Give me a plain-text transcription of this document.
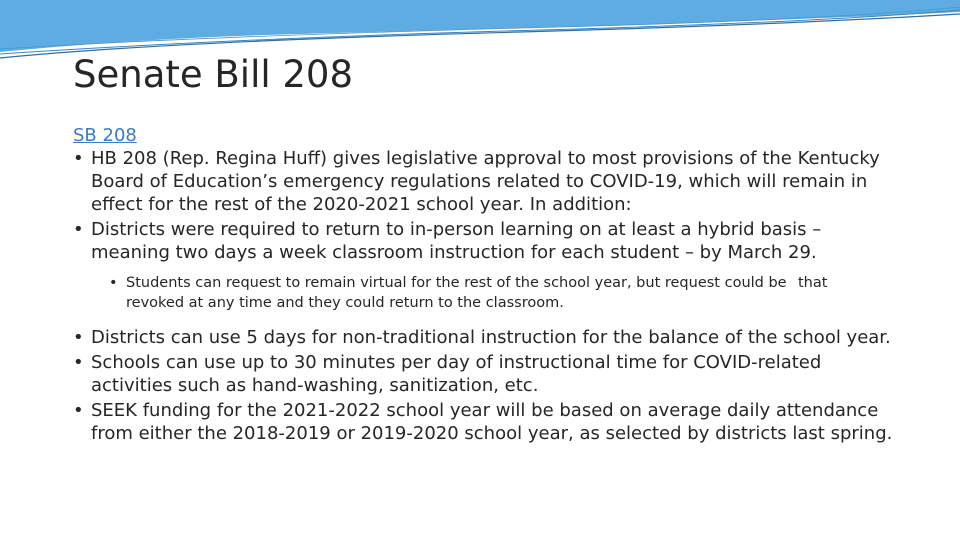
Senate Bill 208
SB 208
• HB 208 (Rep. Regina Huff) gives legislative approval to most provisions of the Kentucky Board of Education’s emergency regulations related to COVID-19, which will remain in effect for the rest of the 2020-2021 school year. In addition:
• Districts were required to return to in-person learning on at least a hybrid basis – meaning two days a week classroom instruction for each student – by March 29.
• Students can request to remain virtual for the rest of the school year, but request could be revoked at any time and they could return to the classroom.
that
• Districts can use 5 days for non-traditional instruction for the balance of the school year.
• Schools can use up to 30 minutes per day of instructional time for COVID-related activities such as hand-washing, sanitization, etc.
• SEEK funding for the 2021-2022 school year will be based on average daily attendance from either the 2018-2019 or 2019-2020 school year, as selected by districts last spring.
